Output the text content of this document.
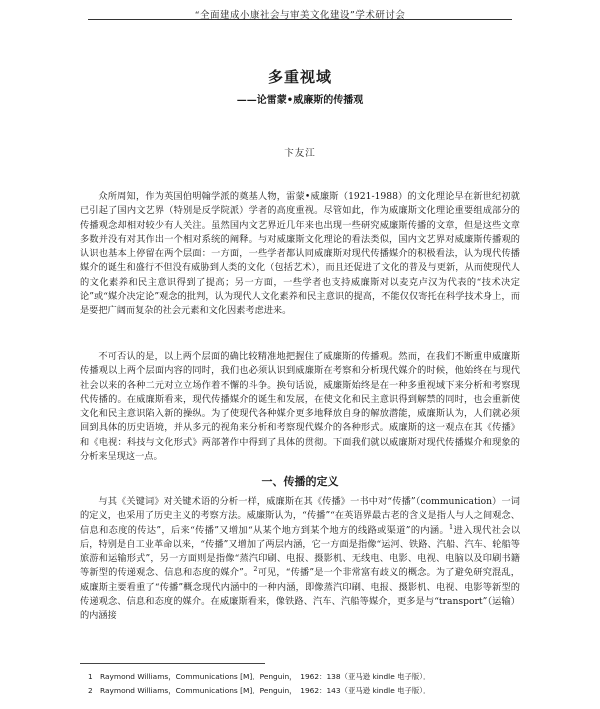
“全面建成小康社会与审美文化建设”学术研讨会
多重视域
——论雷蒙•威廉斯的传播观
卞友江

众所周知，作为英国伯明翰学派的奠基人物，雷蒙•威廉斯（1921-1988）的文化理论早在新世纪初就已引起了国内文艺界（特别是反学院派）学者的高度重视。尽管如此，作为威廉斯文化理论重要组成部分的传播观念却相对较少有人关注。虽然国内文艺界近几年来也出现一些研究威廉斯传播的文章，但是这些文章多数并没有对其作出一个相对系统的阐释。与对威廉斯文化理论的看法类似，国内文艺界对威廉斯传播观的认识也基本上停留在两个层面：一方面，一些学者都认同威廉斯对现代传播媒介的积极看法，认为现代传播媒介的诞生和盛行不但没有威胁到人类的文化（包括艺术），而且还促进了文化的普及与更新，从而使现代人的文化素养和民主意识得到了提高；另一方面，一些学者也支持威廉斯对以麦克卢汉为代表的“技术决定论”或“媒介决定论”观念的批判，认为现代人文化素养和民主意识的提高，不能仅仅寄托在科学技术身上，而是要把广阔而复杂的社会元素和文化因素考虑进来。

不可否认的是，以上两个层面的确比较精准地把握住了威廉斯的传播观。然而，在我们不断重申威廉斯传播观以上两个层面内容的同时，我们也必须认识到威廉斯在考察和分析现代媒介的时候，他始终在与现代社会以来的各种二元对立立场作着不懈的斗争。换句话说，威廉斯始终是在一种多重视域下来分析和考察现代传播的。在威廉斯看来，现代传播媒介的诞生和发展，在使文化和民主意识得到解禁的同时，也会重新使文化和民主意识陷入新的操纵。为了使现代各种媒介更多地释放自身的解放潜能，威廉斯认为，人们就必须回到具体的历史语境，并从多元的视角来分析和考察现代媒介的各种形式。威廉斯的这一观点在其《传播》和《电视：科技与文化形式》两部著作中得到了具体的贯彻。下面我们就以威廉斯对现代传播媒介和现象的分析来呈现这一点。

一、传播的定义

与其《关键词》对关键术语的分析一样，威廉斯在其《传播》一书中对“传播”（communication）一词的定义，也采用了历史主义的考察方法。威廉斯认为，“传播”“在英语界最古老的含义是指人与人之间观念、信息和态度的传达”，后来“传播”又增加“从某个地方到某个地方的线路或渠道”的内涵。$^1$进入现代社会以后，特别是自工业革命以来，“传播”又增加了两层内涵，它一方面是指像“运河、铁路、汽船、汽车、轮船等旅游和运输形式”，另一方面则是指像“蒸汽印刷、电报、摄影机、无线电、电影、电视、电脑以及印刷书籍等新型的传递观念、信息和态度的媒介”。$^2$可见，“传播”是一个非常富有歧义的概念。为了避免研究混乱，威廉斯主要看重了“传播”概念现代内涵中的一种内涵，即像蒸汽印刷、电报、摄影机、电视、电影等新型的传递观念、信息和态度的媒介。在威廉斯看来，像铁路、汽车、汽船等媒介，更多是与“transport”（运输）的内涵接

1 Raymond Williams，Communications [M]．Penguin，　1962：138（亚马逊 kindle 电子版）．
2 Raymond Williams，Communications [M]．Penguin，　1962：143（亚马逊 kindle 电子版）．
